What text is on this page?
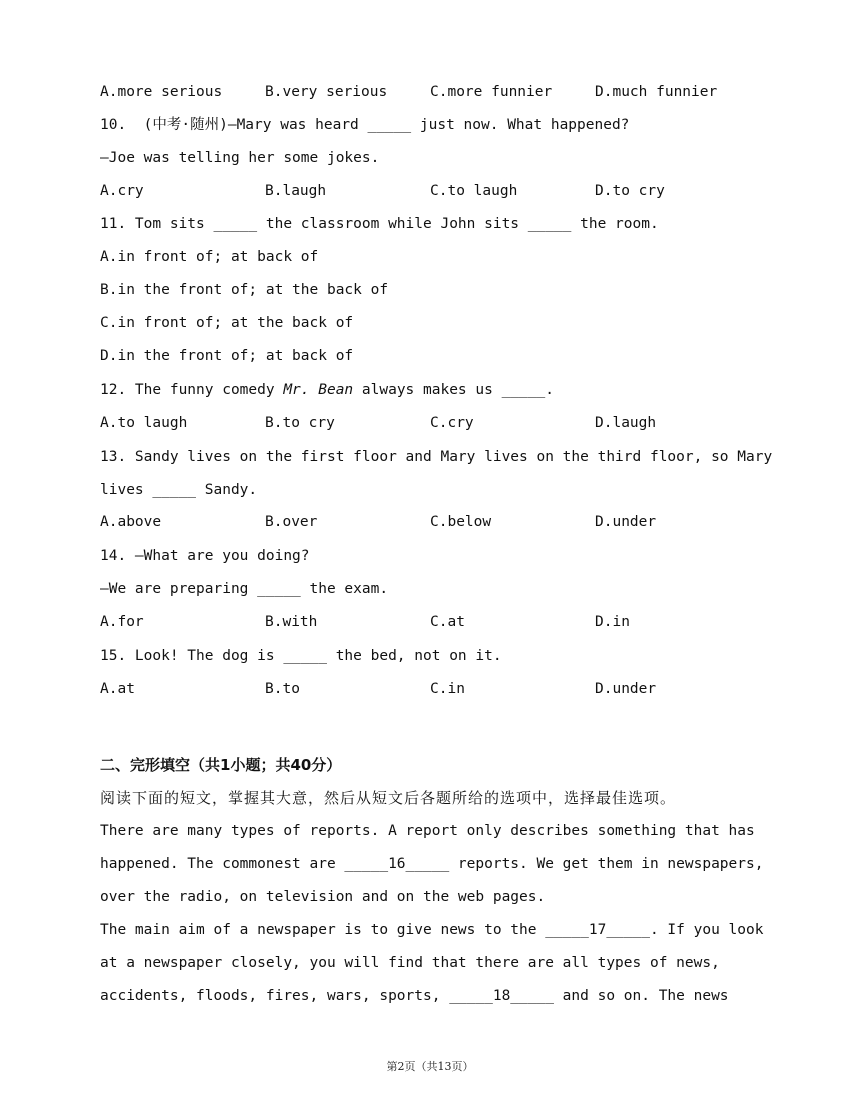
A.more serious

	B.very serious

	C.more funnier

	D.much funnier

10.  (中考·随州)—Mary was heard _____ just now. What happened?
—Joe was telling her some jokes.

A.cry

	B.laugh

	C.to laugh

	D.to cry

11. Tom sits _____ the classroom while John sits _____ the room.
A.in front of; at back of
B.in the front of; at the back of
C.in front of; at the back of
D.in the front of; at back of
12. The funny comedy Mr. Bean always makes us _____.

A.to laugh

	B.to cry

	C.cry

	D.laugh

13. Sandy lives on the first floor and Mary lives on the third floor, so Mary
lives _____ Sandy.

A.above

	B.over

	C.below

	D.under

14. —What are you doing?
—We are preparing _____ the exam.

A.for

	B.with

	C.at

	D.in

15. Look! The dog is _____ the bed, not on it.

A.at

	B.to

	C.in

	D.under

二、完形填空（共1小题；共40分）
阅读下面的短文，掌握其大意，然后从短文后各题所给的选项中，选择最佳选项。
There are many types of reports. A report only describes something that has
happened. The commonest are _____16_____ reports. We get them in newspapers,
over the radio, on television and on the web pages.
The main aim of a newspaper is to give news to the _____17_____. If you look
at a newspaper closely, you will find that there are all types of news,
accidents, floods, fires, wars, sports, _____18_____ and so on. The news
第2页（共13页）
